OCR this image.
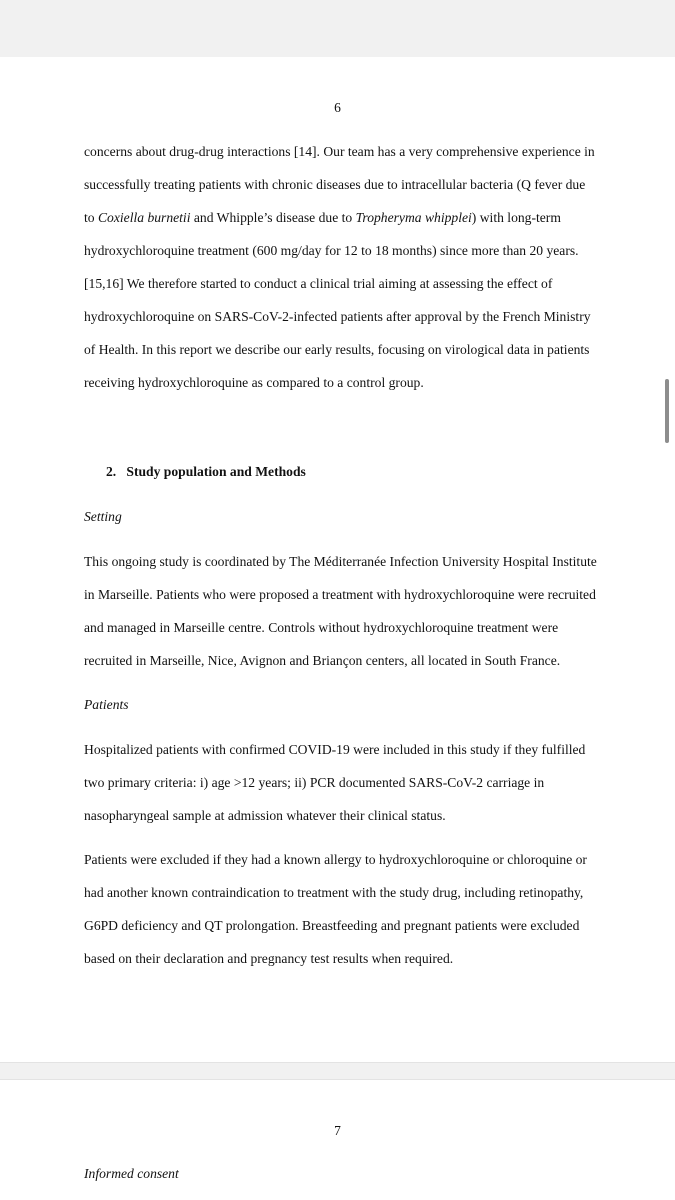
6
concerns about drug-drug interactions [14]. Our team has a very comprehensive experience in
successfully treating patients with chronic diseases due to intracellular bacteria (Q fever due
to Coxiella burnetii and Whipple’s disease due to Tropheryma whipplei) with long-term
hydroxychloroquine treatment (600 mg/day for 12 to 18 months) since more than 20 years.
[15,16] We therefore started to conduct a clinical trial aiming at assessing the effect of
hydroxychloroquine on SARS-CoV-2-infected patients after approval by the French Ministry
of Health. In this report we describe our early results, focusing on virological data in patients
receiving hydroxychloroquine as compared to a control group.
2.   Study population and Methods
Setting
This ongoing study is coordinated by The Méditerranée Infection University Hospital Institute
in Marseille. Patients who were proposed a treatment with hydroxychloroquine were recruited
and managed in Marseille centre. Controls without hydroxychloroquine treatment were
recruited in Marseille, Nice, Avignon and Briançon centers, all located in South France.
Patients
Hospitalized patients with confirmed COVID-19 were included in this study if they fulfilled
two primary criteria: i) age >12 years; ii) PCR documented SARS-CoV-2 carriage in
nasopharyngeal sample at admission whatever their clinical status.
Patients were excluded if they had a known allergy to hydroxychloroquine or chloroquine or
had another known contraindication to treatment with the study drug, including retinopathy,
G6PD deficiency and QT prolongation. Breastfeeding and pregnant patients were excluded
based on their declaration and pregnancy test results when required.
7
Informed consent
